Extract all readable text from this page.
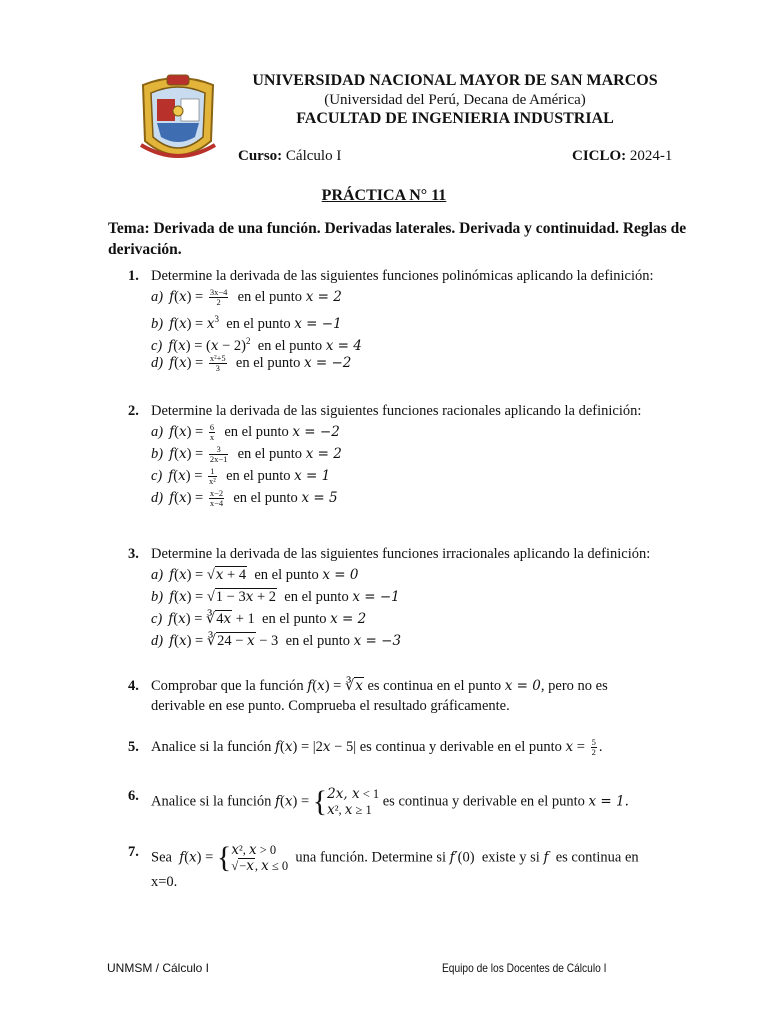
UNIVERSIDAD NACIONAL MAYOR DE SAN MARCOS
(Universidad del Perú, Decana de América)
FACULTAD DE INGENIERIA INDUSTRIAL
Curso: Cálculo I	CICLO: 2024-1
PRÁCTICA N° 11
Tema: Derivada de una función. Derivadas laterales. Derivada y continuidad. Reglas de derivación.
1. Determine la derivada de las siguientes funciones polinómicas aplicando la definición:
a) $f(x) = \frac{3x-4}{2}$ en el punto x = 2
b) $f(x) = x^3$ en el punto x = −1
c) $f(x) = (x - 2)^2$ en el punto x = 4
d) $f(x) = \frac{\text{x²+5}}{3}$ en el punto x = −2
2. Determine la derivada de las siguientes funciones racionales aplicando la definición:
a) $f(x) = \frac{6}{x}$ en el punto x = −2
b) $f(x) = \frac{3}{2x-1}$ en el punto x = 2
c) $f(x) = \frac{1}{\text{x²}}$ en el punto x = 1
d) $f(x) = \frac{x-2}{x-4}$ en el punto x = 5
3. Determine la derivada de las siguientes funciones irracionales aplicando la definición:
a) f(x) = √x + 4 en el punto x = 0
b) f(x) = √1 − 3x + 2 en el punto x = −1
c) f(x) = ∛4x + 1  en el punto x = 2
d) f(x) = ∛24 − x − 3  en el punto x = −3
4. Comprobar que la función f(x) = ∛x es continua en el punto x = 0, pero no es
derivable en ese punto. Comprueba el resultado gráficamente.
5. Analice si la función f(x) = |2x − 5| es continua y derivable en el punto $x = \frac{5}{2}$ .
6. Analice si la función f(x) = {2x, x < 1
x², x ≥ 1 es continua y derivable en el punto x = 1.
7. Sea f(x) = {x², x > 0
√−x, x ≤ 0  una función. Determine si f′(0)  existe y si f es continua en

x=0.
UNMSM / Cálculo I	Equipo de los Docentes de Cálculo I
